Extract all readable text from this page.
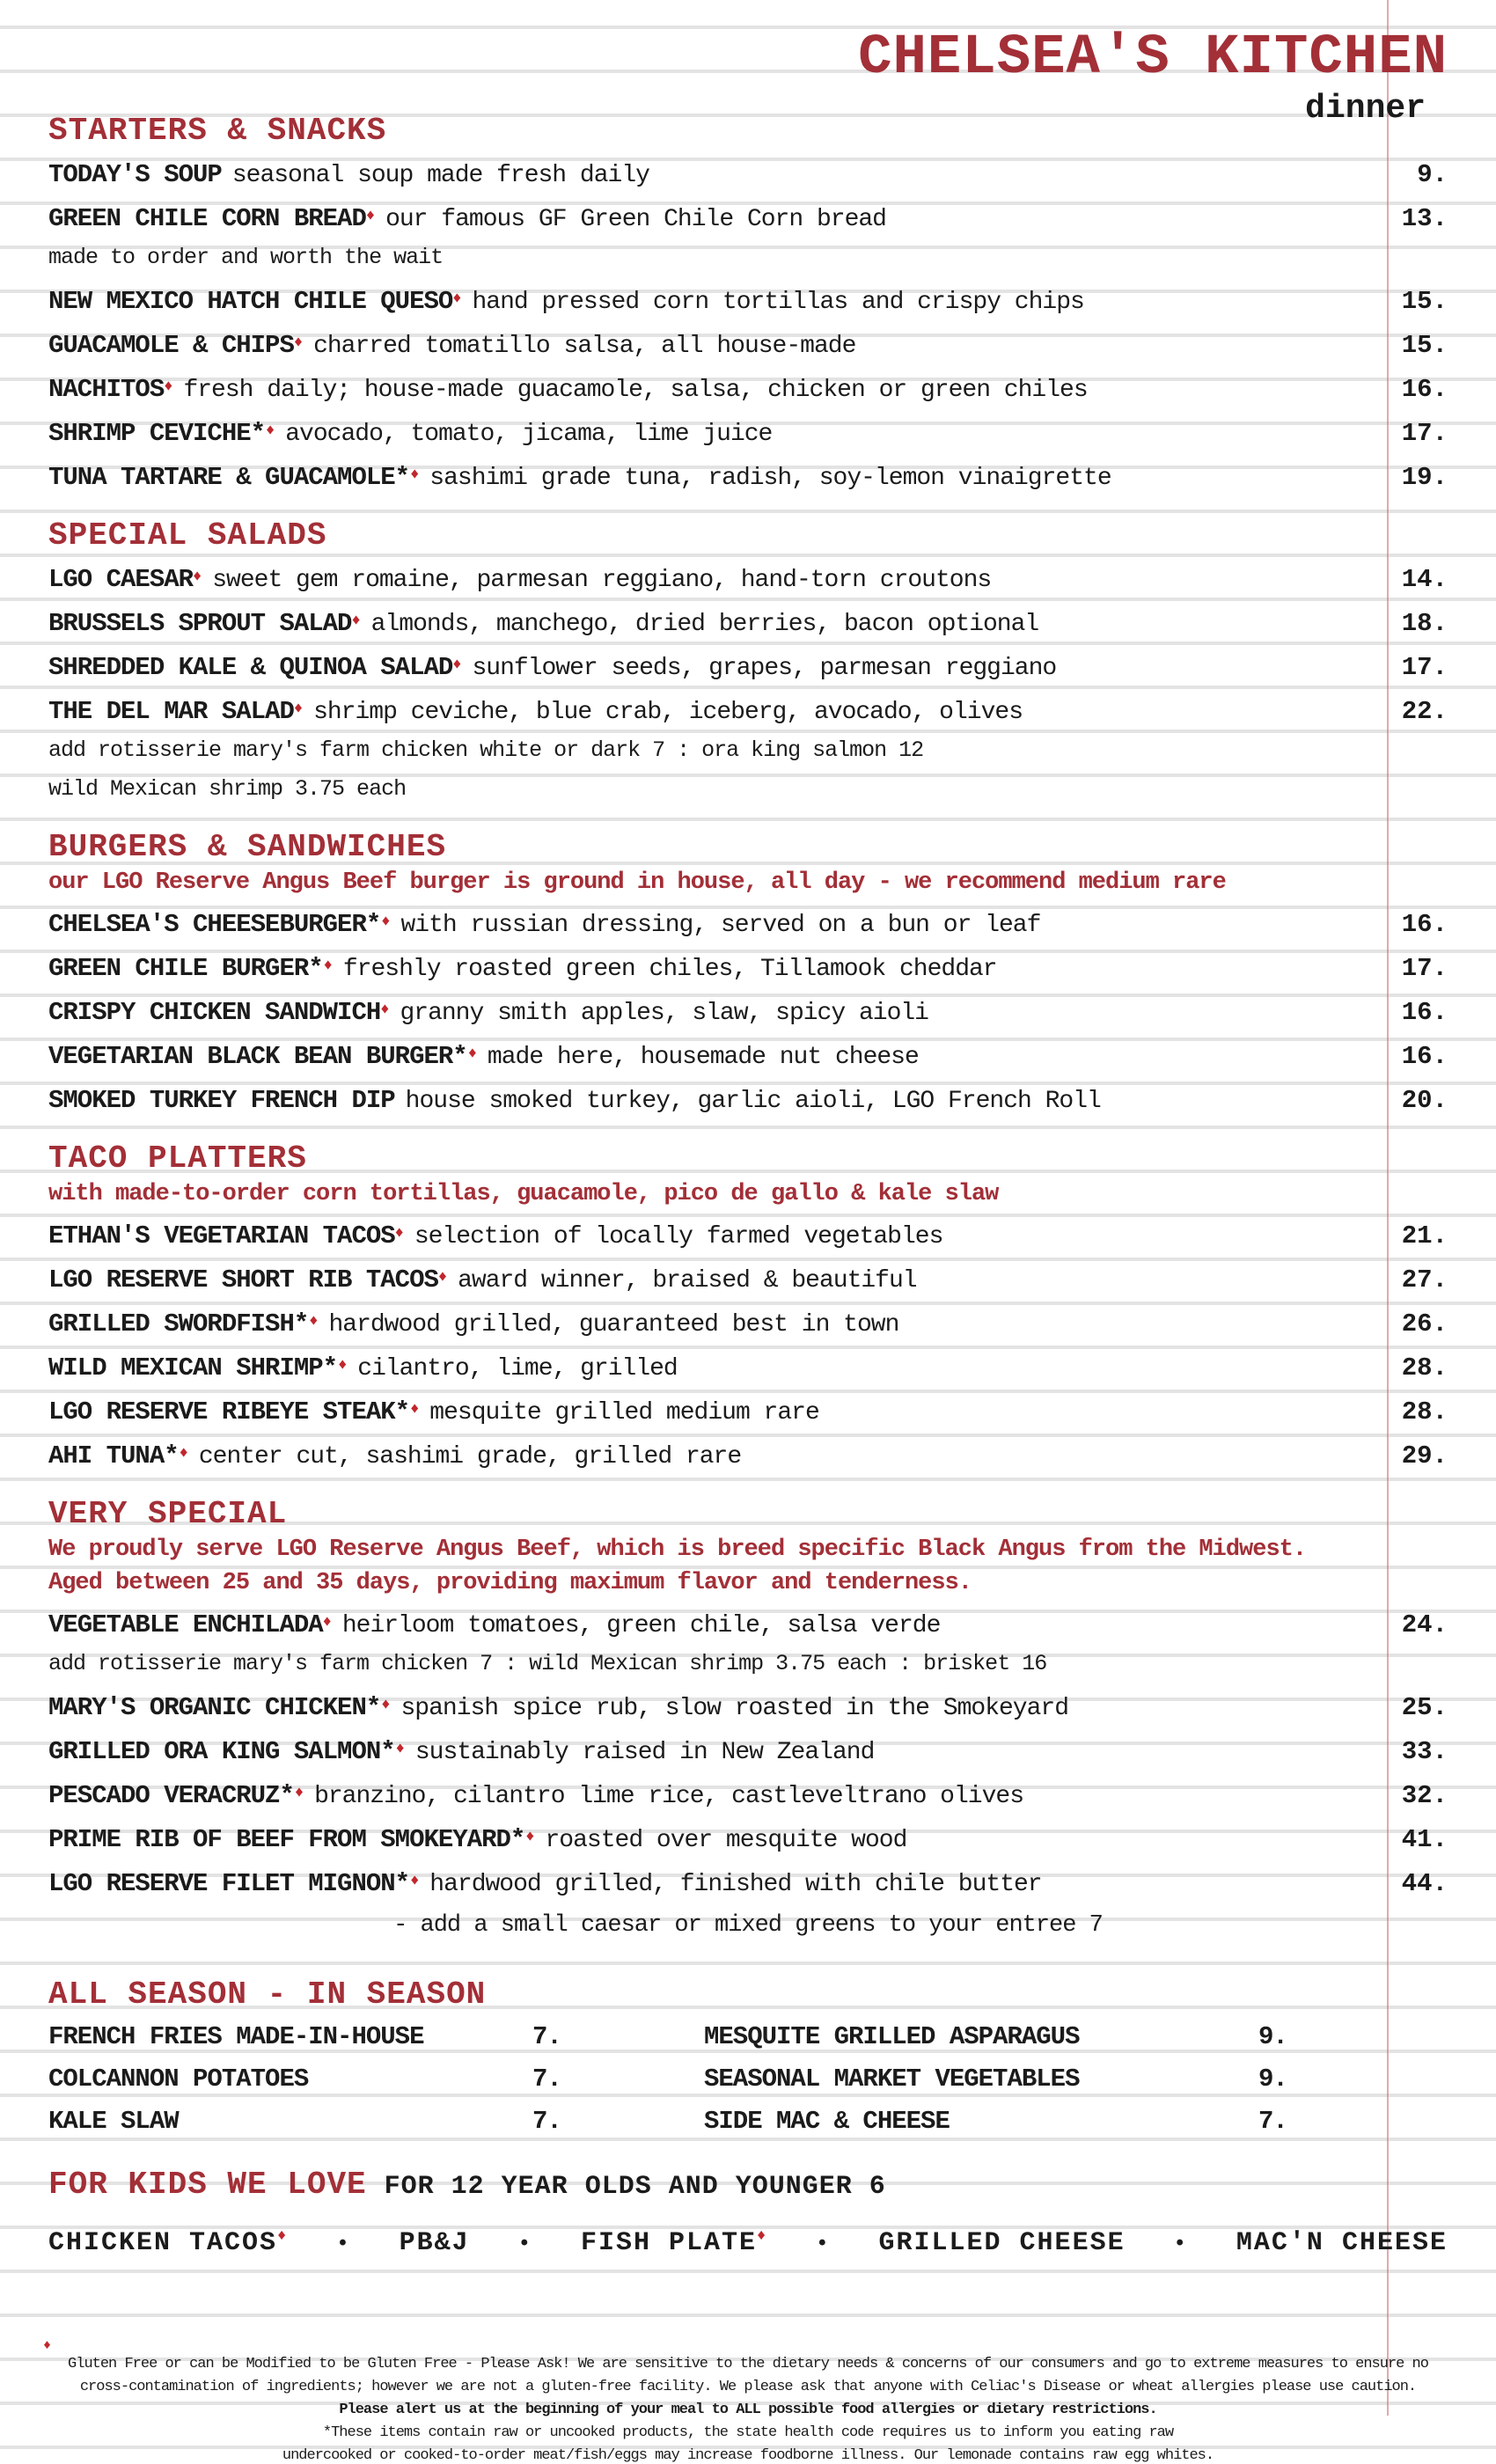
CHELSEA'S KITCHEN
dinner
STARTERS & SNACKS
TODAY'S SOUP seasonal soup made fresh daily	9.
GREEN CHILE CORN BREAD♦ our famous GF Green Chile Corn bread	13.
made to order and worth the wait
NEW MEXICO HATCH CHILE QUESO♦ hand pressed corn tortillas and crispy chips	15.
GUACAMOLE & CHIPS♦ charred tomatillo salsa, all house-made	15.
NACHITOS♦ fresh daily; house-made guacamole, salsa, chicken or green chiles	16.
SHRIMP CEVICHE*♦ avocado, tomato, jicama, lime juice	17.
TUNA TARTARE & GUACAMOLE*♦ sashimi grade tuna, radish, soy-lemon vinaigrette	19.
SPECIAL SALADS
LGO CAESAR♦ sweet gem romaine, parmesan reggiano, hand-torn croutons	14.
BRUSSELS SPROUT SALAD♦ almonds, manchego, dried berries, bacon optional	18.
SHREDDED KALE & QUINOA SALAD♦ sunflower seeds, grapes, parmesan reggiano	17.
THE DEL MAR SALAD♦ shrimp ceviche, blue crab, iceberg, avocado, olives	22.
add rotisserie mary's farm chicken white or dark 7 : ora king salmon 12
wild Mexican shrimp 3.75 each
BURGERS & SANDWICHES
our LGO Reserve Angus Beef burger is ground in house, all day - we recommend medium rare
CHELSEA'S CHEESEBURGER*♦ with russian dressing, served on a bun or leaf	16.
GREEN CHILE BURGER*♦ freshly roasted green chiles, Tillamook cheddar	17.
CRISPY CHICKEN SANDWICH♦ granny smith apples, slaw, spicy aioli	16.
VEGETARIAN BLACK BEAN BURGER*♦ made here, housemade nut cheese	16.
SMOKED TURKEY FRENCH DIP house smoked turkey, garlic aioli, LGO French Roll	20.
TACO PLATTERS
with made-to-order corn tortillas, guacamole, pico de gallo & kale slaw
ETHAN'S VEGETARIAN TACOS♦ selection of locally farmed vegetables	21.
LGO RESERVE SHORT RIB TACOS♦ award winner, braised & beautiful	27.
GRILLED SWORDFISH*♦ hardwood grilled, guaranteed best in town	26.
WILD MEXICAN SHRIMP*♦ cilantro, lime, grilled	28.
LGO RESERVE RIBEYE STEAK*♦ mesquite grilled medium rare	28.
AHI TUNA*♦ center cut, sashimi grade, grilled rare	29.
VERY SPECIAL
We proudly serve LGO Reserve Angus Beef, which is breed specific Black Angus from the Midwest.
Aged between 25 and 35 days, providing maximum flavor and tenderness.
VEGETABLE ENCHILADA♦ heirloom tomatoes, green chile, salsa verde	24.
add rotisserie mary's farm chicken 7 : wild Mexican shrimp 3.75 each : brisket 16
MARY'S ORGANIC CHICKEN*♦ spanish spice rub, slow roasted in the Smokeyard	25.
GRILLED ORA KING SALMON*♦ sustainably raised in New Zealand	33.
PESCADO VERACRUZ*♦ branzino, cilantro lime rice, castleveltrano olives	32.
PRIME RIB OF BEEF FROM SMOKEYARD*♦ roasted over mesquite wood	41.
LGO RESERVE FILET MIGNON*♦ hardwood grilled, finished with chile butter	44.
- add a small caesar or mixed greens to your entree 7
ALL SEASON - IN SEASON
FRENCH FRIES MADE-IN-HOUSE	7.	MESQUITE GRILLED ASPARAGUS	9.
COLCANNON POTATOES	7.	SEASONAL MARKET VEGETABLES	9.
KALE SLAW	7.	SIDE MAC & CHEESE	7.
FOR KIDS WE LOVE FOR 12 YEAR OLDS AND YOUNGER 6
CHICKEN TACOS♦ • PB&J • FISH PLATE♦ • GRILLED CHEESE • MAC'N CHEESE
♦
Gluten Free or can be Modified to be Gluten Free - Please Ask! We are sensitive to the dietary needs & concerns of our consumers and go to extreme measures to ensure no
cross-contamination of ingredients; however we are not a gluten-free facility. We please ask that anyone with Celiac's Disease or wheat allergies please use caution.
Please alert us at the beginning of your meal to ALL possible food allergies or dietary restrictions.
*These items contain raw or uncooked products, the state health code requires us to inform you eating raw
undercooked or cooked-to-order meat/fish/eggs may increase foodborne illness. Our lemonade contains raw egg whites.
